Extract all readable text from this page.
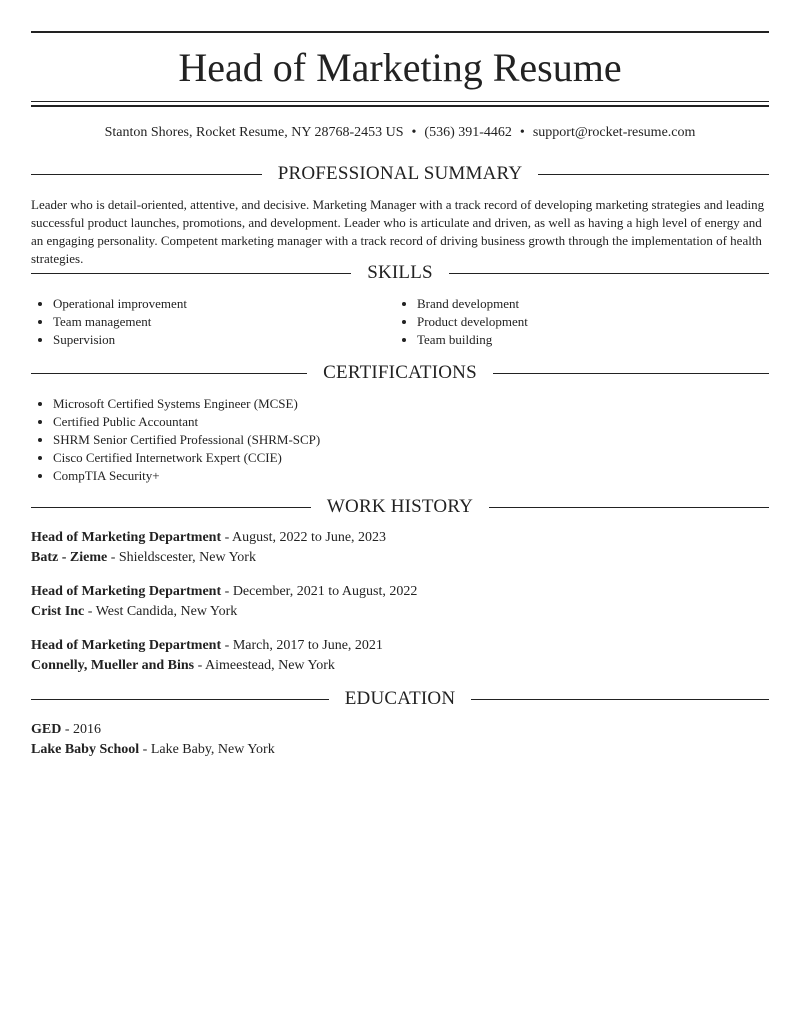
Head of Marketing Resume
Stanton Shores, Rocket Resume, NY 28768-2453 US • (536) 391-4462 • support@rocket-resume.com
PROFESSIONAL SUMMARY

Leader who is detail-oriented, attentive, and decisive. Marketing Manager with a track record of developing marketing strategies and leading successful product launches, promotions, and development. Leader who is articulate and driven, as well as having a high level of energy and an engaging personality. Competent marketing manager with a track record of driving business growth through the implementation of health strategies.

SKILLS
• Operational improvement
• Team management
• Supervision
• Brand development
• Product development
• Team building
CERTIFICATIONS
• Microsoft Certified Systems Engineer (MCSE)
• Certified Public Accountant
• SHRM Senior Certified Professional (SHRM-SCP)
• Cisco Certified Internetwork Expert (CCIE)
• CompTIA Security+
WORK HISTORY
Head of Marketing Department - August, 2022 to June, 2023
Batz - Zieme - Shieldscester, New York
Head of Marketing Department - December, 2021 to August, 2022
Crist Inc - West Candida, New York
Head of Marketing Department - March, 2017 to June, 2021
Connelly, Mueller and Bins - Aimeestead, New York
EDUCATION
GED - 2016
Lake Baby School - Lake Baby, New York
